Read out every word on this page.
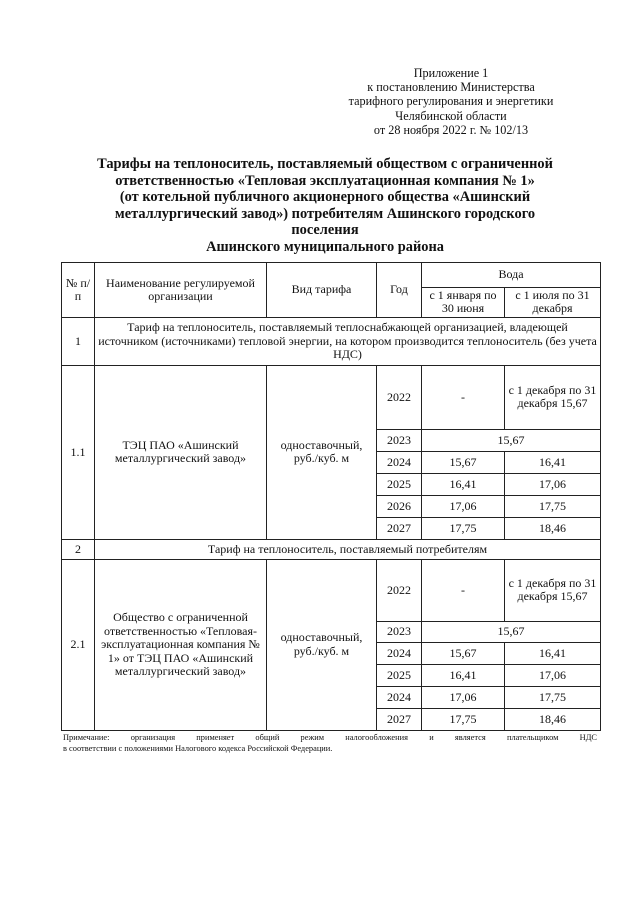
Приложение 1
к постановлению Министерства
тарифного регулирования и энергетики
Челябинской области
от 28 ноября 2022 г. № 102/13
Тарифы на теплоноситель, поставляемый обществом с ограниченной
ответственностью «Тепловая эксплуатационная компания № 1»
(от котельной публичного акционерного общества «Ашинский
металлургический завод») потребителям Ашинского городского поселения
Ашинского муниципального района
№ п/п	Наименование регулируемой организации	Вид тарифа	Год	Вода	
				с 1 января по 30 июня	с 1 июля по 31 декабря
1	Тариф на теплоноситель, поставляемый теплоснабжающей организацией, владеющей источником (источниками) тепловой энергии, на котором производится теплоноситель (без учета НДС)				
1.1	ТЭЦ ПАО «Ашинский металлургический завод»	одноставочный, руб./куб. м	2022	-	с 1 декабря по 31 декабря 15,67
			2023	15,67	
			2024	15,67	16,41
			2025	16,41	17,06
			2026	17,06	17,75
			2027	17,75	18,46
2	Тариф на теплоноситель, поставляемый потребителям				
2.1	Общество с ограниченной ответственностью «Тепловая-эксплуатационная компания № 1» от ТЭЦ ПАО «Ашинский металлургический завод»	одноставочный, руб./куб. м	2022	-	с 1 декабря по 31 декабря 15,67
			2023	15,67	
			2024	15,67	16,41
			2025	16,41	17,06
			2024	17,06	17,75
			2027	17,75	18,46
Примечание: организация применяет общий режим налогообложения и является плательщиком НДС
в соответствии с положениями Налогового кодекса Российской Федерации.
